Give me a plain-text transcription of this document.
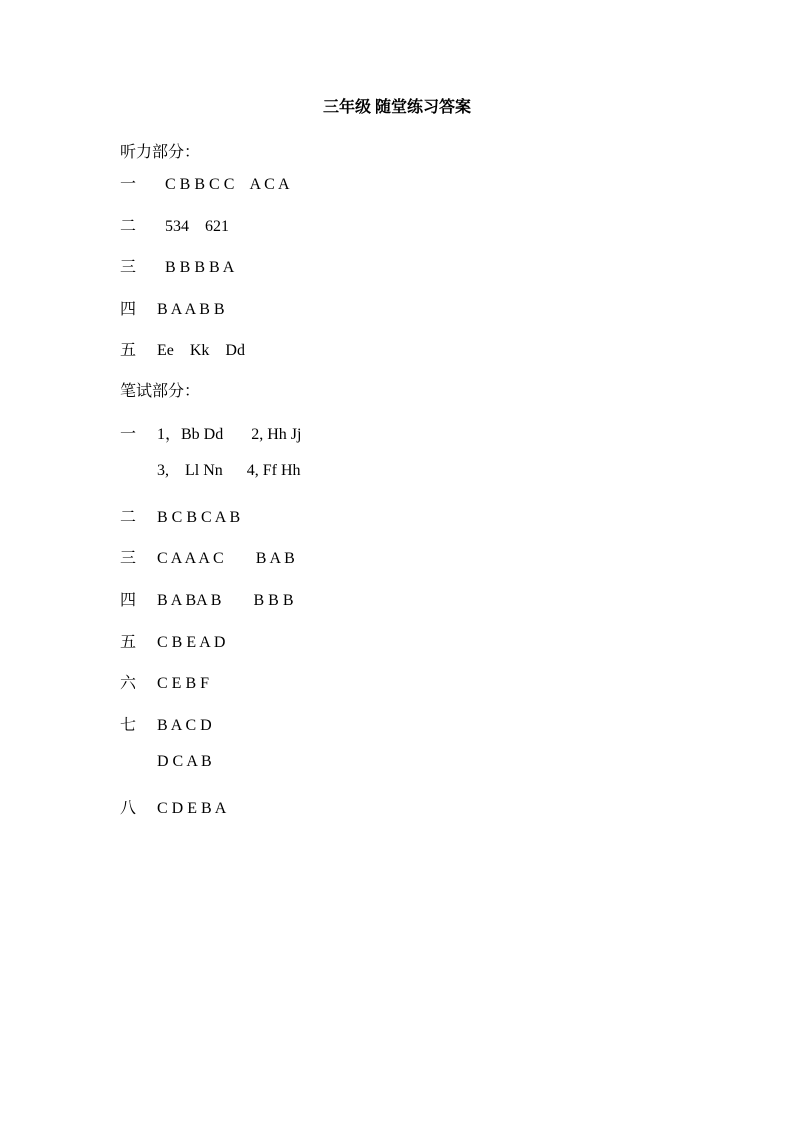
三年级 随堂练习答案
听力部分：
一  C B B C C    A C A
二  534    621
三  B B B B A
四 B A A B B
五 Ee    Kk    Dd
笔试部分：
一 1，Bb Dd       2, Hh Jj
3,    Ll Nn      4, Ff Hh
二 B C B C A B
三 C A A A C        B A B
四 B A BA B        B B B
五 C B E A D
六 C E B F
七 B A C D
D C A B
八 C D E B A
